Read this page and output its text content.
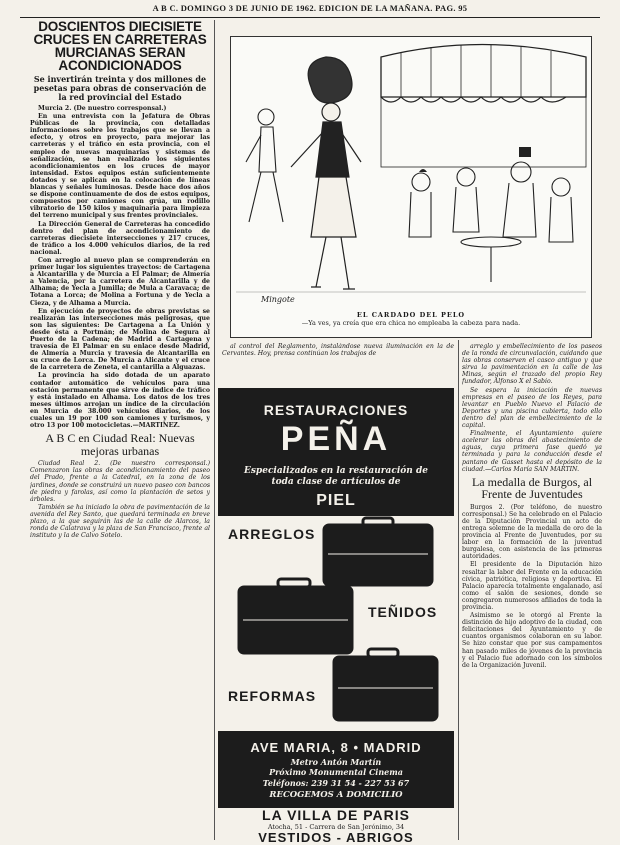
A B C. DOMINGO 3 DE JUNIO DE 1962. EDICION DE LA MAÑANA. PAG. 95
DOSCIENTOS DIECISIETE CRUCES EN CARRETERAS MURCIANAS SERAN ACONDICIONADOS
Se invertirán treinta y dos millones de pesetas para obras de conservación de la red provincial del Estado

Murcia 2. (De nuestro corresponsal.)

En una entrevista con la Jefatura de Obras Públicas de la provincia, con detalladas informaciones sobre los trabajos que se llevan a efecto, y otros en proyecto, para mejorar las carreteras y el tráfico en esta provincia, con el empleo de nuevas maquinarias y sistemas de señalización, se han realizado los siguientes acondicionamientos en los cruces de mayor intensidad. Estos equipos están suficientemente dotados y se aplican en la colocación de líneas blancas y señales luminosas. Desde hace dos años se dispone continuamente de dos de estos equipos, compuestos por camiones con grúa, un rodillo vibratorio de 150 kilos y maquinaria para limpieza del terreno municipal y sus frentes provinciales.

La Dirección General de Carreteras ha concedido dentro del plan de acondicionamiento de carreteras diecisiete intersecciones y 217 cruces, de tráfico a los 4.000 vehículos diarios, de la red nacional.

Con arreglo al nuevo plan se comprenderán en primer lugar los siguientes trayectos: de Cartagena a Alcantarilla y de Murcia a El Palmar; de Almería a Valencia, por la carretera de Alcantarilla y de Alhama; de Yecla a Jumilla; de Mula a Caravaca; de Totana a Lorca; de Molina a Fortuna y de Yecla a Cieza, y de Alhama a Murcia.

En ejecución de proyectos de obras previstas se realizarán las intersecciones más peligrosas, que son las siguientes: De Cartagena a La Unión y desde ésta a Portmán; de Molina de Segura al Puerto de la Cadena; de Madrid a Cartagena y travesía de El Palmar en su enlace desde Madrid, de Almería a Murcia y travesía de Alcantarilla en su cruce de Lorca. De Murcia a Alicante y el cruce de la carretera de Zeneta, el cantarilla a Alguazas.

La provincia ha sido dotada de un aparato contador automático de vehículos para una estación permanente que sirve de índice de tráfico y está instalado en Alhama. Los datos de los tres meses últimos arrojan un índice de la circulación en Murcia de 38.000 vehículos diarios, de los cuales un 19 por 100 son camiones y turismos, y otro 13 por 100 motocicletas.—MARTINEZ.

A B C en Ciudad Real: Nuevas mejoras urbanas

Ciudad Real 2. (De nuestro corresponsal.) Comenzaron las obras de acondicionamiento del paseo del Prado, frente a la Catedral, en la zona de los jardines, donde se construirá un nuevo paseo con bancos de piedra y farolas, así como la plantación de setos y árboles.

También se ha iniciado la obra de pavimentación de la avenida del Rey Santo, que quedará terminada en breve plazo, a la que seguirán las de la calle de Alarcos, la ronda de Calatrava y la plaza de San Francisco, frente al instituto y la de Calvo Sotelo.

Mingote
EL CARDADO DEL PELO
—Ya ves, ya creía que era chica no empleaba la cabeza para nada.

al control del Reglamento, instalándose nueva iluminación en la de Cervantes. Hoy, prensa continúan los trabajos de

arreglo y embellecimiento de los paseos de la ronda de circunvalación, cuidando que las obras conserven el casco antiguo y que sirva la pavimentación en la calle de las Minas, según el trazado del propio Rey fundador, Alfonso X el Sabio.

Se espera la iniciación de nuevas empresas en el paseo de los Reyes, para levantar en Pueblo Nuevo el Palacio de Deportes y una piscina cubierta, todo ello dentro del plan de embellecimiento de la capital.

Finalmente, el Ayuntamiento quiere acelerar las obras del abastecimiento de aguas, cuya primera fase quedó ya terminada y para la conducción desde el pantano de Gasset hasta el depósito de la ciudad.—Carlos María SAN MARTIN.

La medalla de Burgos, al Frente de Juventudes

Burgos 2. (Por teléfono, de nuestro corresponsal.) Se ha celebrado en el Palacio de la Diputación Provincial un acto de entrega solemne de la medalla de oro de la provincia al Frente de Juventudes, por su labor en la formación de la juventud burgalesa, con asistencia de las primeras autoridades.

El presidente de la Diputación hizo resaltar la labor del Frente en la educación cívica, patriótica, religiosa y deportiva. El Palacio aparecía totalmente engalanado, así como el salón de sesiones, donde se congregaron numerosos afiliados de toda la provincia.

Asimismo se le otorgó al Frente la distinción de hijo adoptivo de la ciudad, con felicitaciones del Ayuntamiento y de cuantos organismos colaboran en su labor. Se hizo constar que por sus campamentos han pasado miles de jóvenes de la provincia y el Palacio fue adornado con los símbolos de la Organización Juvenil.

RESTAURACIONES
PEÑA
Especializados en la restauración de toda clase de artículos de
PIEL
ARREGLOS
TEÑIDOS
REFORMAS
AVE MARIA, 8 • MADRID
Metro Antón Martín
Próximo Monumental Cinema
Teléfonos: 239 31 54 - 227 53 67
RECOGEMOS A DOMICILIO
LA VILLA DE PARIS
Atocha, 51 - Carrera de San Jerónimo, 34
VESTIDOS - ABRIGOS
